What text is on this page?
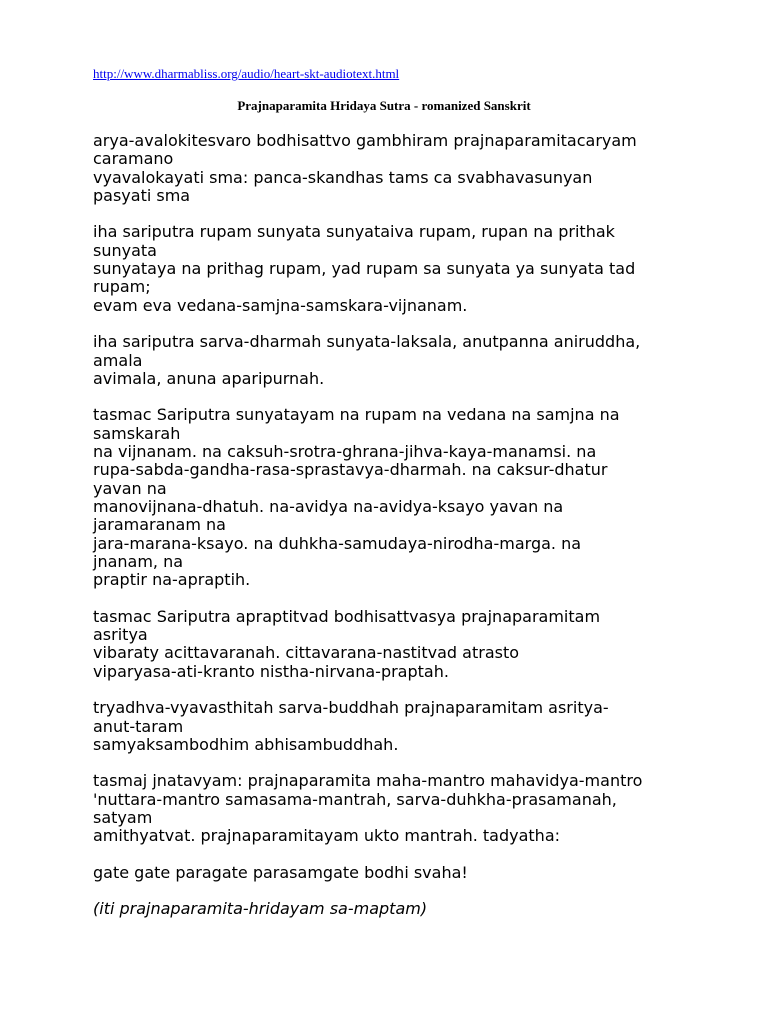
http://www.dharmabliss.org/audio/heart-skt-audiotext.html
Prajnaparamita Hridaya Sutra - romanized Sanskrit
arya-avalokitesvaro bodhisattvo gambhiram prajnaparamitacaryam
caramano
vyavalokayati sma: panca-skandhas tams ca svabhavasunyan
pasyati sma
iha sariputra rupam sunyata sunyataiva rupam, rupan na prithak
sunyata
sunyataya na prithag rupam, yad rupam sa sunyata ya sunyata tad
rupam;
evam eva vedana-samjna-samskara-vijnanam.
iha sariputra sarva-dharmah sunyata-laksala, anutpanna aniruddha,
amala
avimala, anuna aparipurnah.
tasmac Sariputra sunyatayam na rupam na vedana na samjna na
samskarah
na vijnanam. na caksuh-srotra-ghrana-jihva-kaya-manamsi. na
rupa-sabda-gandha-rasa-sprastavya-dharmah. na caksur-dhatur
yavan na
manovijnana-dhatuh. na-avidya na-avidya-ksayo yavan na
jaramaranam na
jara-marana-ksayo. na duhkha-samudaya-nirodha-marga. na
jnanam, na
praptir na-apraptih.
tasmac Sariputra apraptitvad bodhisattvasya prajnaparamitam
asritya
vibaraty acittavaranah. cittavarana-nastitvad atrasto
viparyasa-ati-kranto nistha-nirvana-praptah.
tryadhva-vyavasthitah sarva-buddhah prajnaparamitam asritya-
anut-taram
samyaksambodhim abhisambuddhah.
tasmaj jnatavyam: prajnaparamita maha-mantro mahavidya-mantro
'nuttara-mantro samasama-mantrah, sarva-duhkha-prasamanah,
satyam
amithyatvat. prajnaparamitayam ukto mantrah. tadyatha:
gate gate paragate parasamgate bodhi svaha!
(iti prajnaparamita-hridayam sa-maptam)
